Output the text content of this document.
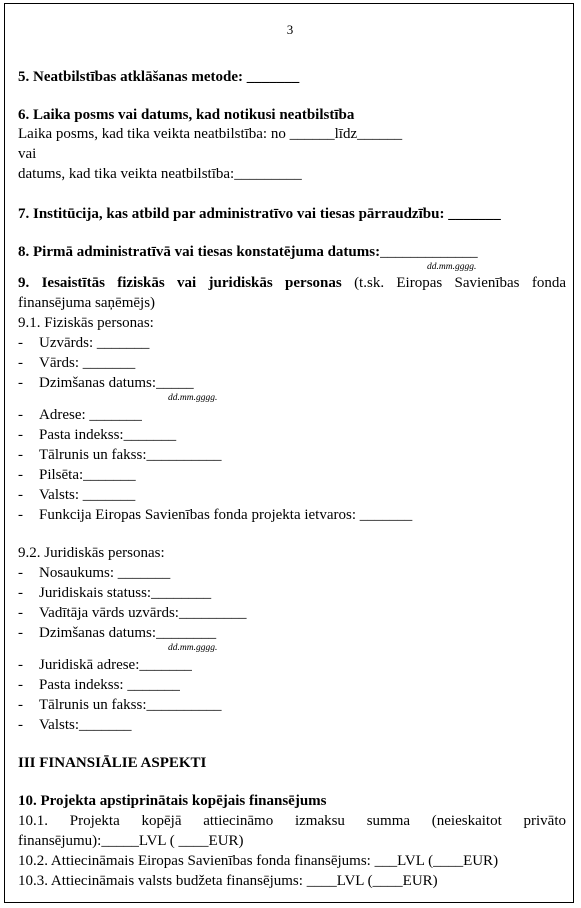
3
5. Neatbilstības atklāšanas metode: _______
6. Laika posms vai datums, kad notikusi neatbilstība
Laika posms, kad tika veikta neatbilstība: no ______līdz______
vai
datums, kad tika veikta neatbilstība:_________
7. Institūcija, kas atbild par administratīvo vai tiesas pārraudzību: _______
8. Pirmā administratīvā vai tiesas konstatējuma datums:_____________
dd.mm.gggg.
9. Iesaistītās fiziskās vai juridiskās personas (t.sk. Eiropas Savienības fonda
finansējuma saņēmējs)
9.1. Fiziskās personas:
- Uzvārds: _______
- Vārds: _______
- Dzimšanas datums:_____
dd.mm.gggg.
- Adrese: _______
- Pasta indekss:_______
- Tālrunis un fakss:__________
- Pilsēta:_______
- Valsts: _______
- Funkcija Eiropas Savienības fonda projekta ietvaros: _______
9.2. Juridiskās personas:
- Nosaukums: _______
- Juridiskais statuss:________
- Vadītāja vārds uzvārds:_________
- Dzimšanas datums:________
dd.mm.gggg.
- Juridiskā adrese:_______
- Pasta indekss: _______
- Tālrunis un fakss:__________
- Valsts:_______
III FINANSIĀLIE ASPEKTI
10. Projekta apstiprinātais kopējais finansējums
10.1. Projekta kopējā attiecināmo izmaksu summa (neieskaitot privāto
finansējumu):_____LVL ( ____EUR)
10.2. Attiecināmais Eiropas Savienības fonda finansējums: ___LVL (____EUR)
10.3. Attiecināmais valsts budžeta finansējums: ____LVL (____EUR)
